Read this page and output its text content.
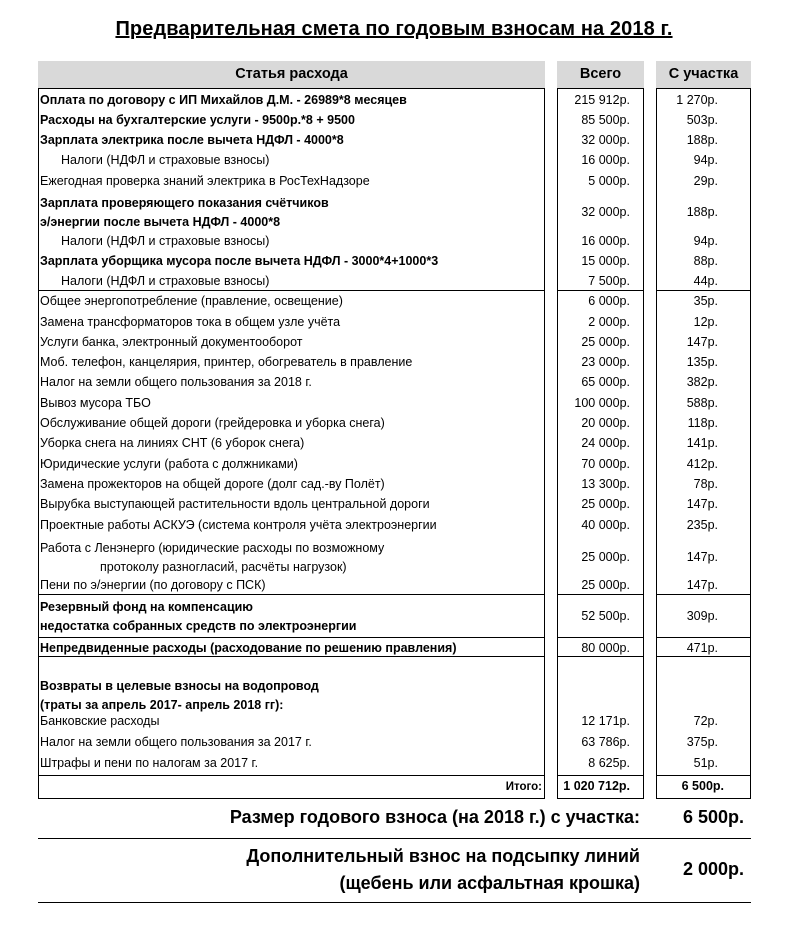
Предварительная смета по годовым взносам на 2018 г.
Статья расхода	Всего	С участка
Оплата по договору с ИП Михайлов Д.М. - 26989*8 месяцев	215 912р.	1 270р.
Расходы на бухгалтерские услуги - 9500р.*8 + 9500	85 500р.	503р.
Зарплата электрика после вычета НДФЛ - 4000*8	32 000р.	188р.
Налоги (НДФЛ и страховые взносы)	16 000р.	94р.
Ежегодная проверка знаний электрика в РосТехНадзоре	5 000р.	29р.
Зарплата проверяющего показания счётчиков
э/энергии после вычета НДФЛ - 4000*8
32 000р.	188р.
Налоги (НДФЛ и страховые взносы)	16 000р.	94р.
Зарплата уборщика мусора после вычета НДФЛ - 3000*4+1000*3	15 000р.	88р.
Налоги (НДФЛ и страховые взносы)	7 500р.	44р.
Общее энергопотребление (правление, освещение)	6 000р.	35р.
Замена трансформаторов тока в общем узле учёта	2 000р.	12р.
Услуги банка, электронный документооборот	25 000р.	147р.
Моб. телефон, канцелярия, принтер, обогреватель в правление	23 000р.	135р.
Налог на земли общего пользования за 2018 г.	65 000р.	382р.
Вывоз мусора ТБО	100 000р.	588р.
Обслуживание общей дороги (грейдеровка и уборка снега)	20 000р.	118р.
Уборка снега на линиях СНТ (6 уборок снега)	24 000р.	141р.
Юридические услуги (работа с должниками)	70 000р.	412р.
Замена прожекторов на общей дороге (долг сад.-ву Полёт)	13 300р.	78р.
Вырубка выступающей растительности вдоль центральной дороги	25 000р.	147р.
Проектные работы АСКУЭ (система контроля учёта электроэнергии	40 000р.	235р.
Работа с Ленэнерго (юридические расходы по возможному
протоколу разногласий, расчёты нагрузок)
25 000р.	147р.
Пени по э/энергии (по договору с ПСК)	25 000р.	147р.
Резервный фонд на компенсацию
недостатка собранных средств по электроэнергии
52 500р.	309р.
Непредвиденные расходы (расходование по решению правления)	80 000р.	471р.
Возвраты в целевые взносы на водопровод
(траты за апрель 2017- апрель 2018 гг):
Банковские расходы	12 171р.	72р.
Налог на земли общего пользования за 2017 г.	63 786р.	375р.
Штрафы и пени по налогам за 2017 г.	8 625р.	51р.
Итого: 1 020 712р.	6 500р.
Размер годового взноса (на 2018 г.) с участка: 6 500р.
Дополнительный взнос на подсыпку линий
(щебень или асфальтная крошка)
2 000р.
